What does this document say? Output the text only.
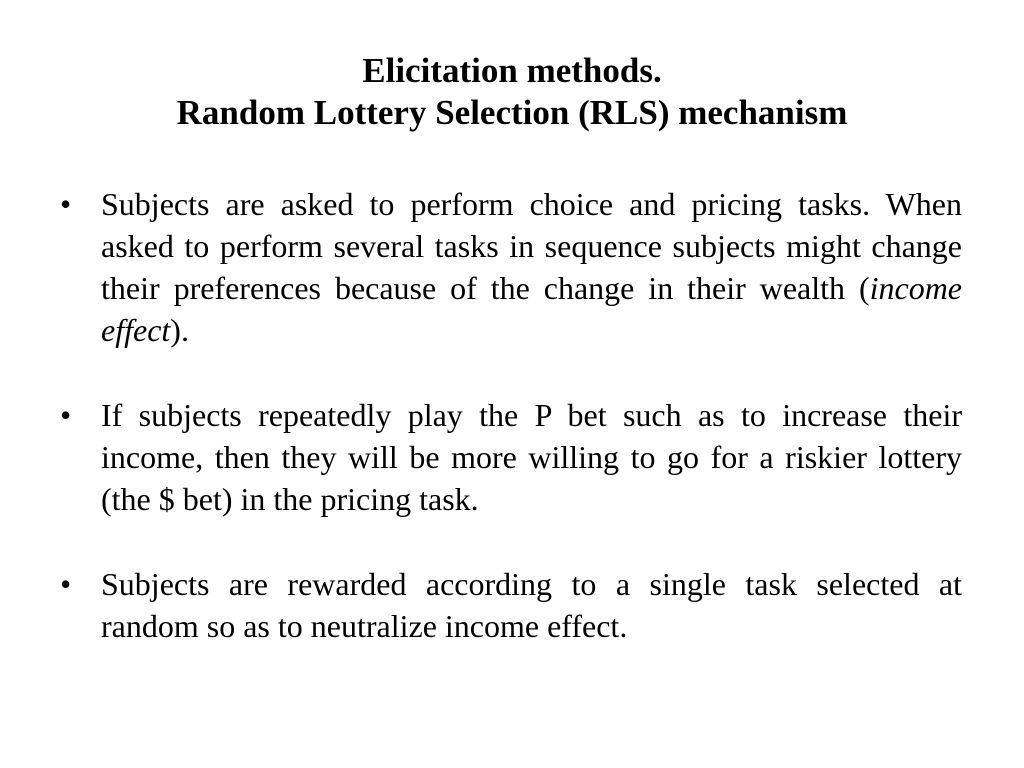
Elicitation methods.
Random Lottery Selection (RLS) mechanism
• Subjects are asked to perform choice and pricing tasks. When asked to perform several tasks in sequence subjects might change their preferences because of the change in their wealth (income effect).
• If subjects repeatedly play the P bet such as to increase their income, then they will be more willing to go for a riskier lottery (the $ bet) in the pricing task.
• Subjects are rewarded according to a single task selected at random so as to neutralize income effect.
